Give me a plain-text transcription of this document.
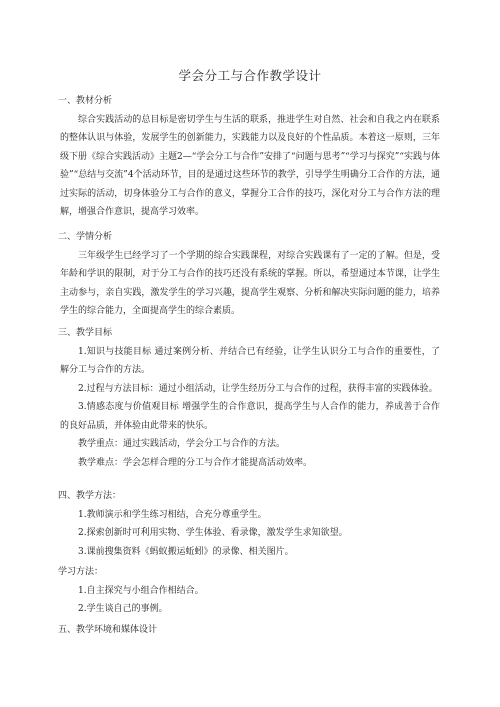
学会分工与合作教学设计
一、教材分析
综合实践活动的总目标是密切学生与生活的联系，推进学生对自然、社会和自我之内在联系的整体认识与体验，发展学生的创新能力，实践能力以及良好的个性品质。本着这一原则，三年级下册《综合实践活动》主题2—“学会分工与合作”安排了“问题与思考”“学习与探究”“实践与体验”“总结与交流”4个活动环节，目的是通过这些环节的教学，引导学生明确分工合作的方法，通过实际的活动，切身体验分工与合作的意义，掌握分工合作的技巧，深化对分工与合作方法的理解，增强合作意识，提高学习效率。
二、学情分析
三年级学生已经学习了一个学期的综合实践课程，对综合实践课有了一定的了解。但是，受年龄和学识的限制，对于分工与合作的技巧还没有系统的掌握。所以，希望通过本节课，让学生主动参与，亲自实践，激发学生的学习兴趣，提高学生观察、分析和解决实际问题的能力，培养学生的综合能力，全面提高学生的综合素质。
三、教学目标
1.知识与技能目标 通过案例分析、并结合已有经验，让学生认识分工与合作的重要性，了解分工与合作的方法。
2.过程与方法目标：通过小组活动，让学生经历分工与合作的过程，获得丰富的实践体验。
3.情感态度与价值观目标 增强学生的合作意识，提高学生与人合作的能力，养成善于合作的良好品质，并体验由此带来的快乐。
教学重点：通过实践活动，学会分工与合作的方法。
教学难点：学会怎样合理的分工与合作才能提高活动效率。
四、教学方法：
1.教师演示和学生练习相结，合充分尊重学生。
2.探索创新时可利用实物、学生体验、看录像，激发学生求知欲望。
3.课前搜集资料《蚂蚁搬运蚯蚓》的录像、相关图片。
学习方法：
1.自主探究与小组合作相结合。
2.学生谈自己的事例。
五、教学环境和媒体设计
